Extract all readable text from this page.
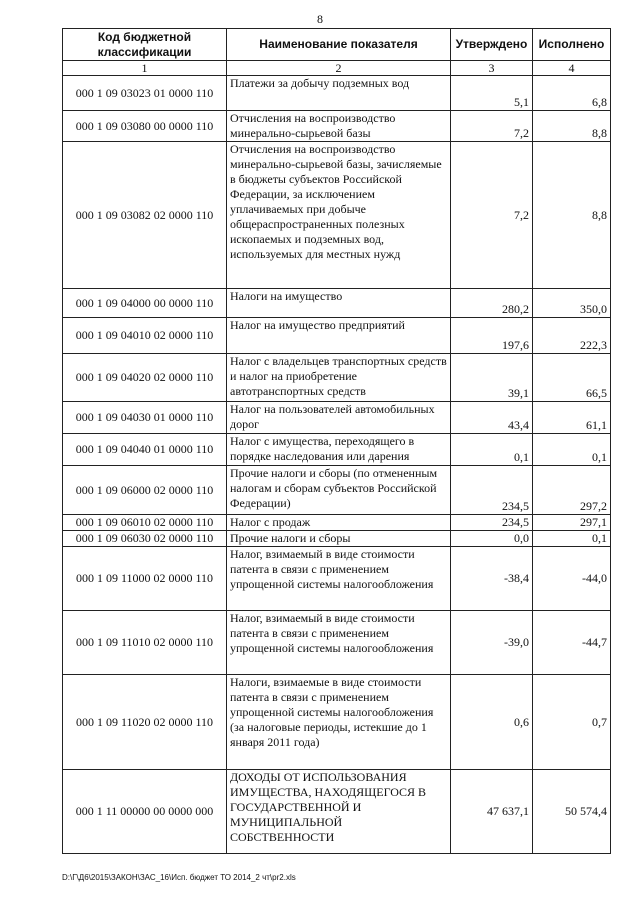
8
Код бюджетной классификации	Наименование показателя	Утверждено	Исполнено
1	2	3	4
000 1 09 03023 01 0000 110	Платежи за добычу подземных вод	5,1	6,8
000 1 09 03080 00 0000 110	Отчисления на воспроизводство минерально-сырьевой базы	7,2	8,8
000 1 09 03082 02 0000 110	Отчисления на воспроизводство минерально-сырьевой базы, зачисляемые в бюджеты субъектов Российской Федерации, за исключением уплачиваемых при добыче общераспространенных полезных ископаемых и подземных вод, используемых для местных нужд	7,2	8,8
000 1 09 04000 00 0000 110	Налоги на имущество	280,2	350,0
000 1 09 04010 02 0000 110	Налог на имущество предприятий	197,6	222,3
000 1 09 04020 02 0000 110	Налог с владельцев транспортных средств и налог на приобретение автотранспортных средств	39,1	66,5
000 1 09 04030 01 0000 110	Налог на пользователей автомобильных дорог	43,4	61,1
000 1 09 04040 01 0000 110	Налог с имущества, переходящего в порядке наследования или дарения	0,1	0,1
000 1 09 06000 02 0000 110	Прочие налоги и сборы (по отмененным налогам и сборам субъектов Российской Федерации)	234,5	297,2
000 1 09 06010 02 0000 110	Налог с продаж	234,5	297,1
000 1 09 06030 02 0000 110	Прочие налоги и сборы	0,0	0,1
000 1 09 11000 02 0000 110	Налог, взимаемый в виде стоимости патента в связи с применением упрощенной системы налогообложения	-38,4	-44,0
000 1 09 11010 02 0000 110	Налог, взимаемый в виде стоимости патента в связи с применением упрощенной системы налогообложения	-39,0	-44,7
000 1 09 11020 02 0000 110	Налоги, взимаемые в виде стоимости патента в связи с применением упрощенной системы налогообложения (за налоговые периоды, истекшие до 1 января 2011 года)	0,6	0,7
000 1 11 00000 00 0000 000	ДОХОДЫ ОТ ИСПОЛЬЗОВАНИЯ ИМУЩЕСТВА, НАХОДЯЩЕГОСЯ В ГОСУДАРСТВЕННОЙ И МУНИЦИПАЛЬНОЙ СОБСТВЕННОСТИ	47 637,1	50 574,4
D:\Г\Д6\2015\ЗАКОН\ЗАС_16\Исп. бюджет ТО 2014_2 чт\pr2.xls
